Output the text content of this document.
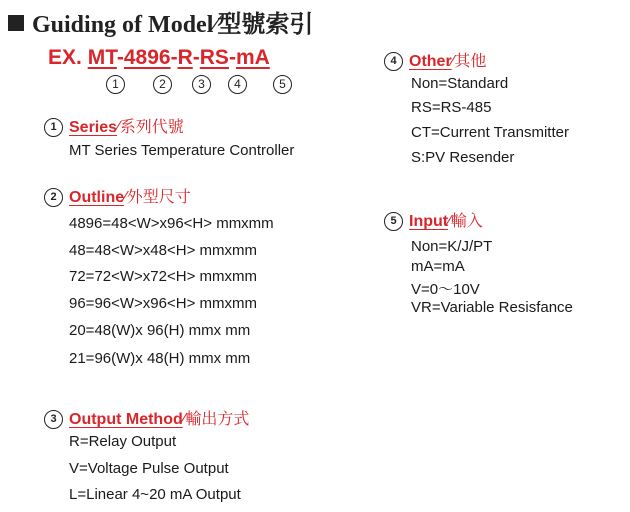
Guiding of Model∕型號索引
EX. MT-4896-R-RS-mA
1	2	3	4	5
1 Series∕系列代號
MT Series Temperature Controller
2 Outline∕外型尺寸
4896=48<W>x96<H> mmxmm
48=48<W>x48<H> mmxmm
72=72<W>x72<H> mmxmm
96=96<W>x96<H> mmxmm
20=48(W)x 96(H) mmx mm
21=96(W)x 48(H) mmx mm
3 Output Method∕輸出方式
R=Relay Output
V=Voltage Pulse Output
L=Linear 4~20 mA Output
4 Other∕其他
Non=Standard
RS=RS-485
CT=Current Transmitter
S:PV Resender
5 Input∕輸入
Non=K/J/PT
mA=mA
V=0～10V
VR=Variable Resisfance
